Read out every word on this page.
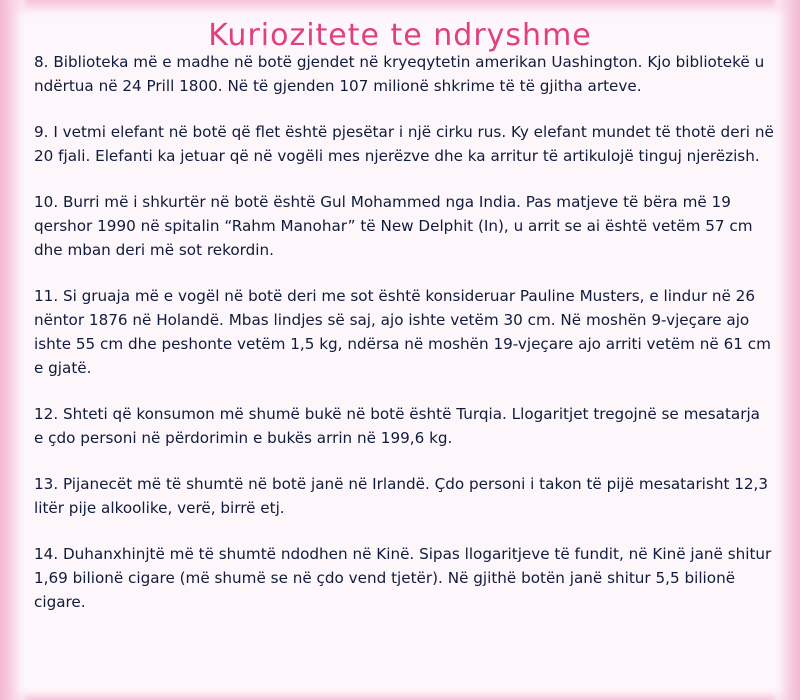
Kuriozitete te ndryshme

8. Biblioteka më e madhe në botë gjendet në kryeqytetin amerikan Uashington. Kjo bibliotekë u ndërtua në 24 Prill 1800. Në të gjenden 107 milionë shkrime të të gjitha arteve.

9. I vetmi elefant në botë që flet është pjesëtar i një cirku rus. Ky elefant mundet të thotë deri në 20 fjali. Elefanti ka jetuar që në vogëli mes njerëzve dhe ka arritur të artikulojë tinguj njerëzish.

10. Burri më i shkurtër në botë është Gul Mohammed nga India. Pas matjeve të bëra më 19 qershor 1990 në spitalin “Rahm Manohar” të New Delphit (In), u arrit se ai është vetëm 57 cm dhe mban deri më sot rekordin.

11. Si gruaja më e vogël në botë deri me sot është konsideruar Pauline Musters, e lindur në 26 nëntor 1876 në Holandë. Mbas lindjes së saj, ajo ishte vetëm 30 cm. Në moshën 9-vjeçare ajo ishte 55 cm dhe peshonte vetëm 1,5 kg, ndërsa në moshën 19-vjeçare ajo arriti vetëm në 61 cm e gjatë.

12. Shteti që konsumon më shumë bukë në botë është Turqia. Llogaritjet tregojnë se mesatarja e çdo personi në përdorimin e bukës arrin në 199,6 kg.

13. Pijanecët më të shumtë në botë janë në Irlandë. Çdo personi i takon të pijë mesatarisht 12,3 litër pije alkoolike, verë, birrë etj.

14. Duhanxhinjtë më të shumtë ndodhen në Kinë. Sipas llogaritjeve të fundit, në Kinë janë shitur 1,69 bilionë cigare (më shumë se në çdo vend tjetër). Në gjithë botën janë shitur 5,5 bilionë cigare.
